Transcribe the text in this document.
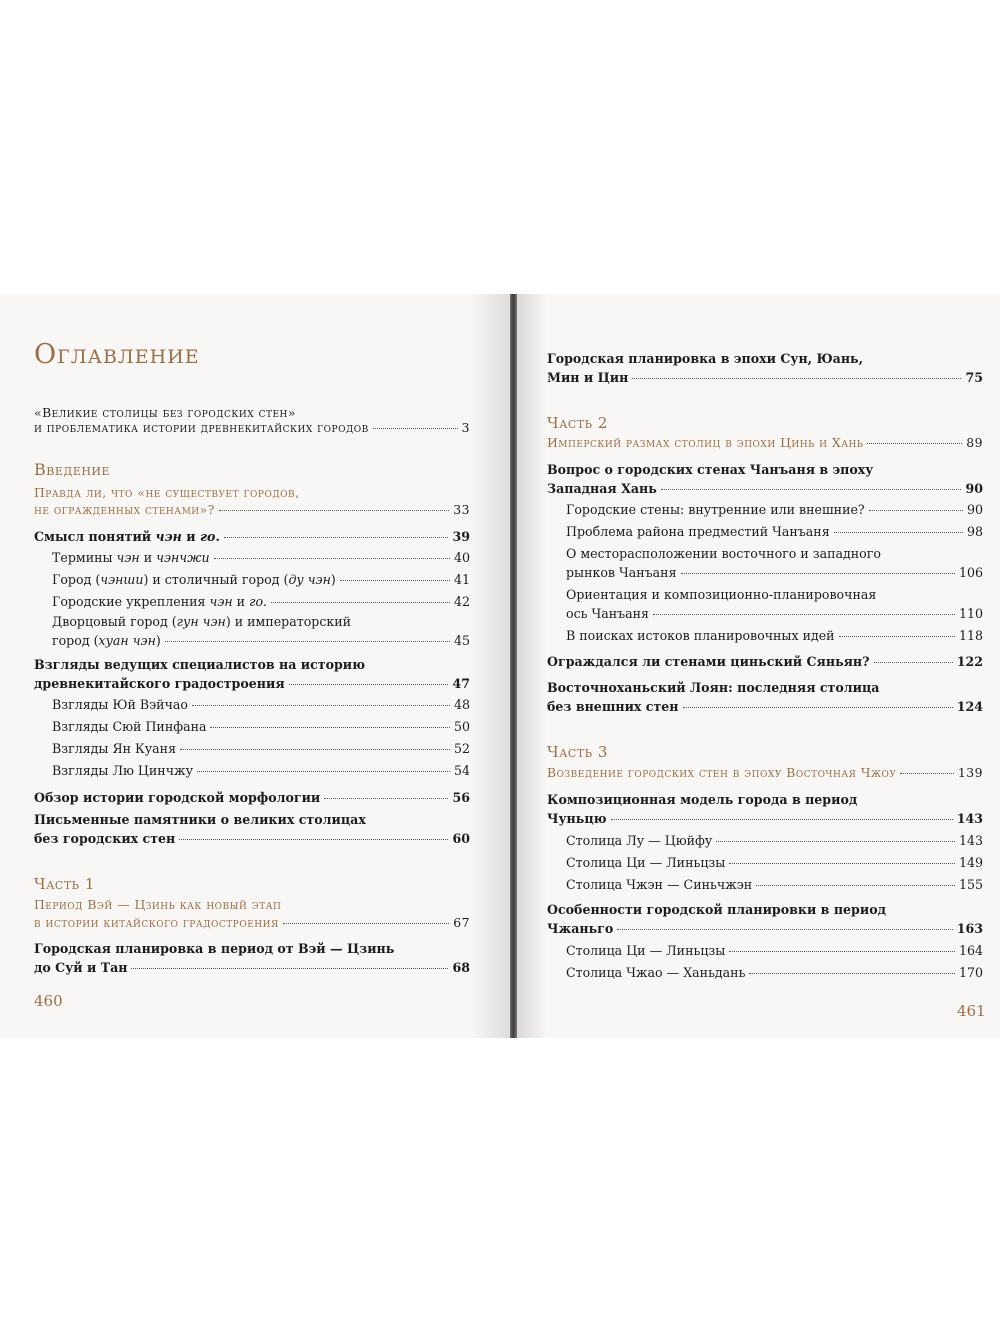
Оглавление
«Великие столицы без городских стен»
и проблематика истории древнекитайских городов	3
Введение
Правда ли, что «не существует городов,
не огражденных стенами»?	33
Смысл понятий чэн и го.	39
Термины чэн и чэнчжи	40
Город (чэнши) и столичный город (ду чэн)	41
Городские укрепления чэн и го.	42
Дворцовый город (гун чэн) и императорский
город (хуан чэн)	45
Взгляды ведущих специалистов на историю
древнекитайского градостроения	47
Взгляды Юй Вэйчао	48
Взгляды Сюй Пинфана	50
Взгляды Ян Куаня	52
Взгляды Лю Цинчжу	54
Обзор истории городской морфологии	56
Письменные памятники о великих столицах
без городских стен	60
Часть 1
Период Вэй — Цзинь как новый этап
в истории китайского градостроения	67
Городская планировка в период от Вэй — Цзинь
до Суй и Тан	68
460
Городская планировка в эпохи Сун, Юань,
Мин и Цин	75
Часть 2
Имперский размах столиц в эпохи Цинь и Хань	89
Вопрос о городских стенах Чанъаня в эпоху
Западная Хань	90
Городские стены: внутренние или внешние?	90
Проблема района предместий Чанъаня	98
О месторасположении восточного и западного
рынков Чанъаня	106
Ориентация и композиционно-планировочная
ось Чанъаня	110
В поисках истоков планировочных идей	118
Ограждался ли стенами циньский Сяньян?	122
Восточноханьский Лоян: последняя столица
без внешних стен	124
Часть 3
Возведение городских стен в эпоху Восточная Чжоу	139
Композиционная модель города в период
Чуньцю	143
Столица Лу — Цюйфу	143
Столица Ци — Линьцзы	149
Столица Чжэн — Синьчжэн	155
Особенности городской планировки в период
Чжаньго	163
Столица Ци — Линьцзы	164
Столица Чжао — Ханьдань	170
461
